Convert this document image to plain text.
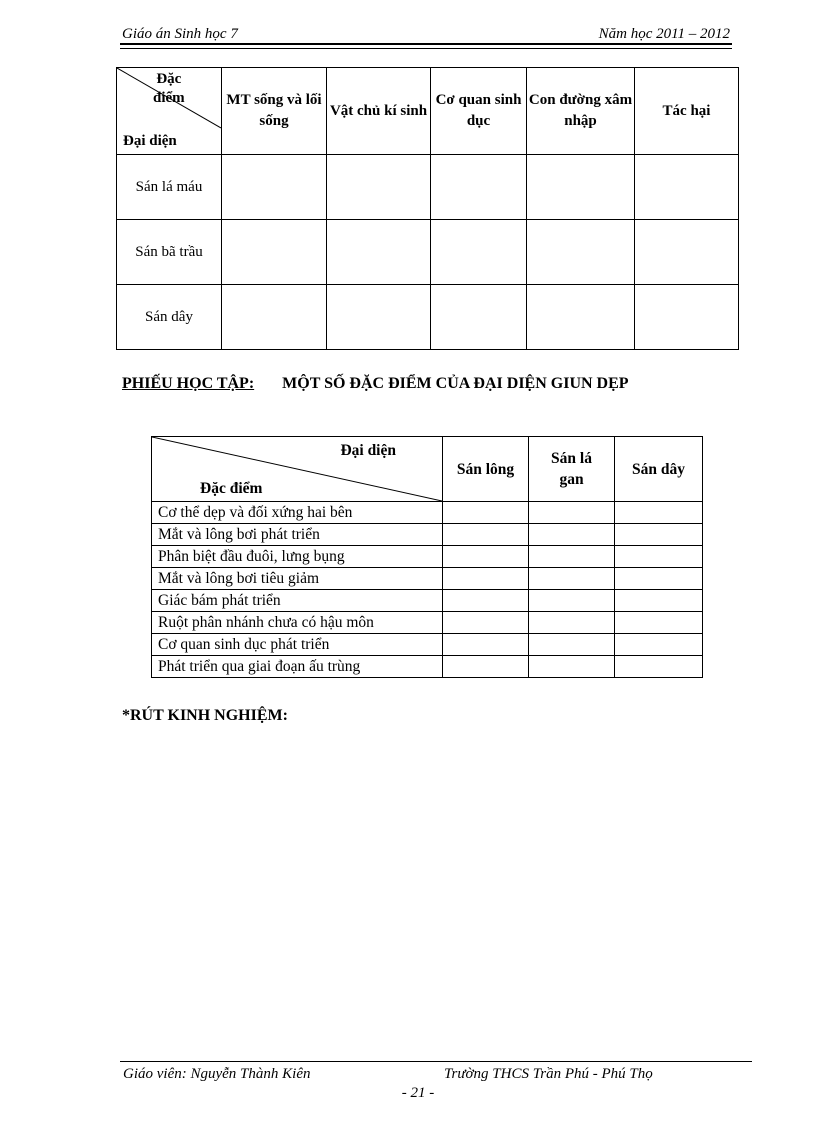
Giáo án Sinh học 7	Năm học 2011 – 2012
Đặc
điểm
Đại diện	MT sống và lối sống	Vật chủ kí sinh	Cơ quan sinh dục	Con đường xâm nhập	Tác hại
Sán lá máu					
Sán bã trầu					
Sán dây					
PHIẾU HỌC TẬP: MỘT SỐ ĐẶC ĐIỂM CỦA ĐẠI DIỆN GIUN DẸP
Đại diện
Đặc điểm	Sán lông	Sán lá gan	Sán dây
Cơ thể dẹp và đối xứng hai bên			
Mắt và lông bơi phát triển			
Phân biệt đầu đuôi, lưng bụng			
Mắt và lông bơi tiêu giảm			
Giác bám phát triển			
Ruột phân nhánh chưa có hậu môn			
Cơ quan sinh dục phát triển			
Phát triển qua giai đoạn ấu trùng			
*RÚT KINH NGHIỆM:
Giáo viên: Nguyễn Thành Kiên	Trường THCS Trần Phú - Phú Thọ
- 21 -
